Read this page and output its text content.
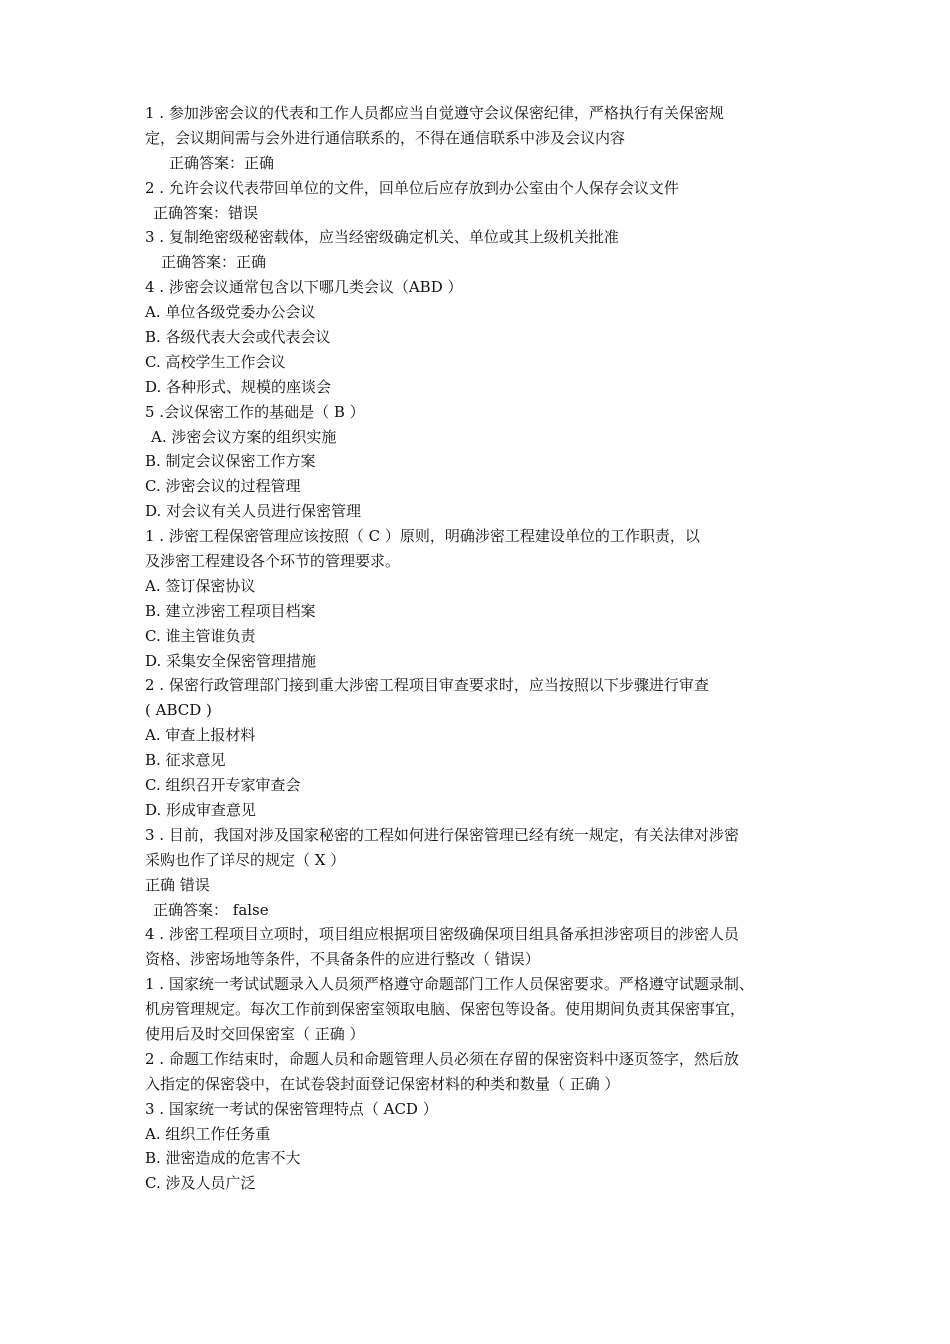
1 . 参加涉密会议的代表和工作人员都应当自觉遵守会议保密纪律，严格执行有关保密规
定，会议期间需与会外进行通信联系的，不得在通信联系中涉及会议内容
正确答案：正确
2 . 允许会议代表带回单位的文件，回单位后应存放到办公室由个人保存会议文件
正确答案：错误
3 . 复制绝密级秘密载体，应当经密级确定机关、单位或其上级机关批准
正确答案：正确
4 . 涉密会议通常包含以下哪几类会议（ABD ）
A. 单位各级党委办公会议
B. 各级代表大会或代表会议
C. 高校学生工作会议
D. 各种形式、规模的座谈会
5 .会议保密工作的基础是（ B ）
A. 涉密会议方案的组织实施
B. 制定会议保密工作方案
C. 涉密会议的过程管理
D. 对会议有关人员进行保密管理
1 . 涉密工程保密管理应该按照（ C ）原则，明确涉密工程建设单位的工作职责，以
及涉密工程建设各个环节的管理要求。
A. 签订保密协议
B. 建立涉密工程项目档案
C. 谁主管谁负责
D. 采集安全保密管理措施
2 . 保密行政管理部门接到重大涉密工程项目审查要求时，应当按照以下步骤进行审查
( ABCD )
A. 审查上报材料
B. 征求意见
C. 组织召开专家审查会
D. 形成审查意见
3 . 目前，我国对涉及国家秘密的工程如何进行保密管理已经有统一规定，有关法律对涉密
采购也作了详尽的规定（ X ）
正确 错误
正确答案： false
4 . 涉密工程项目立项时，项目组应根据项目密级确保项目组具备承担涉密项目的涉密人员
资格、涉密场地等条件，不具备条件的应进行整改（ 错误）
1 . 国家统一考试试题录入人员须严格遵守命题部门工作人员保密要求。严格遵守试题录制、
机房管理规定。每次工作前到保密室领取电脑、保密包等设备。使用期间负责其保密事宜，
使用后及时交回保密室（ 正确 ）
2 . 命题工作结束时，命题人员和命题管理人员必须在存留的保密资料中逐页签字，然后放
入指定的保密袋中，在试卷袋封面登记保密材料的种类和数量（ 正确 ）
3 . 国家统一考试的保密管理特点（ ACD ）
A. 组织工作任务重
B. 泄密造成的危害不大
C. 涉及人员广泛
